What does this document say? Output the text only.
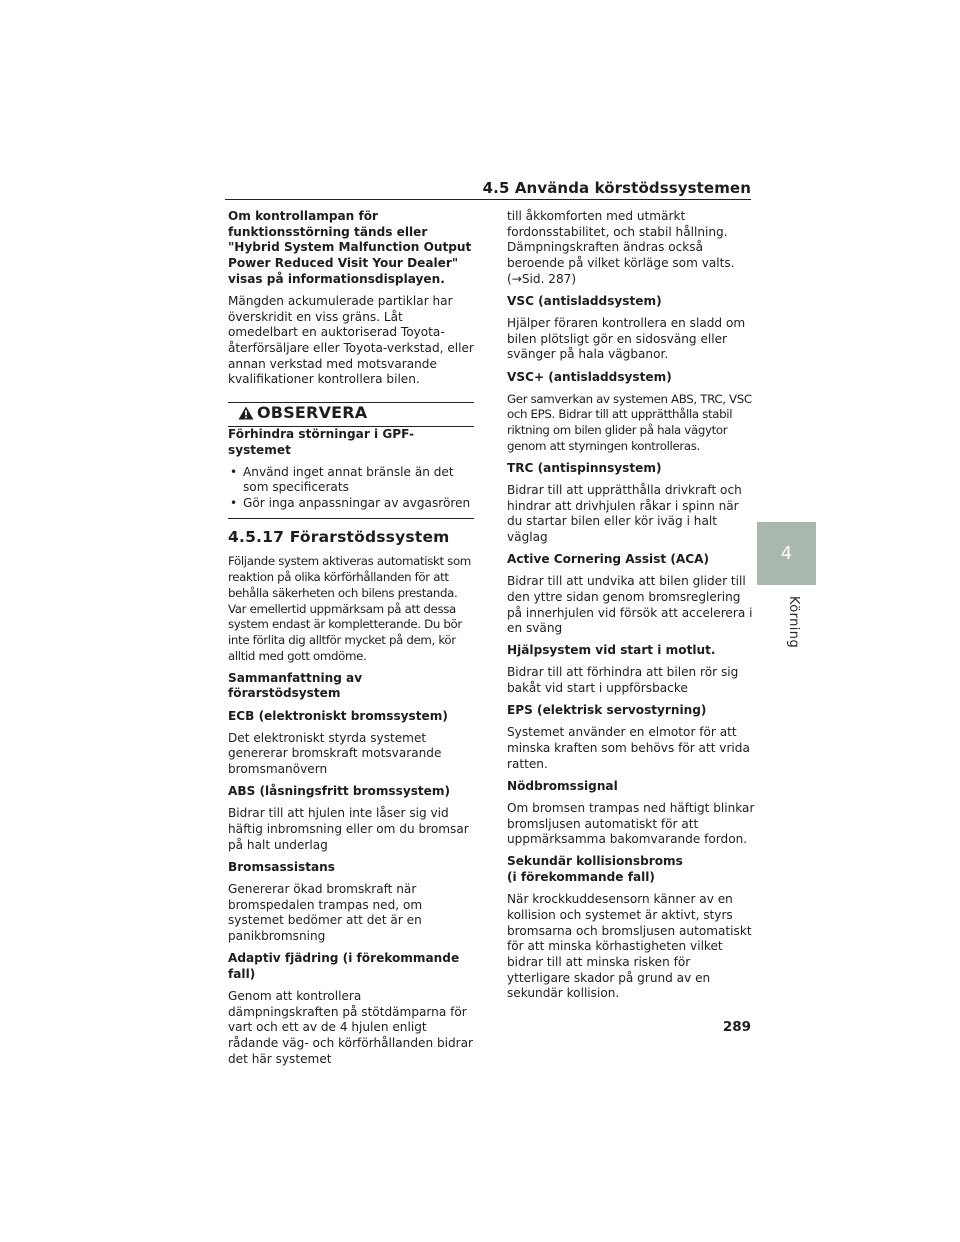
4.5 Använda körstödssystemen

Om kontrollampan för funktionsstörning tänds eller "Hybrid System Malfunction Output Power Reduced Visit Your Dealer" visas på informationsdisplayen.

Mängden ackumulerade partiklar har överskridit en viss gräns. Låt omedelbart en auktoriserad Toyota-återförsäljare eller Toyota-verkstad, eller annan verkstad med motsvarande kvalifikationer kontrollera bilen.

OBSERVERA

Förhindra störningar i GPF-systemet

• Använd inget annat bränsle än det som specificerats
• Gör inga anpassningar av avgasrören
4.5.17 Förarstödssystem

Följande system aktiveras automatiskt som reaktion på olika körförhållanden för att behålla säkerheten och bilens prestanda. Var emellertid uppmärksam på att dessa system endast är kompletterande. Du bör inte förlita dig alltför mycket på dem, kör alltid med gott omdöme.

Sammanfattning av förarstödsystem

ECB (elektroniskt bromssystem)

Det elektroniskt styrda systemet genererar bromskraft motsvarande bromsmanövern

ABS (låsningsfritt bromssystem)

Bidrar till att hjulen inte låser sig vid häftig inbromsning eller om du bromsar på halt underlag

Bromsassistans

Genererar ökad bromskraft när bromspedalen trampas ned, om systemet bedömer att det är en panikbromsning

Adaptiv fjädring (i förekommande fall)

Genom att kontrollera dämpningskraften på stötdämparna för vart och ett av de 4 hjulen enligt rådande väg- och körförhållanden bidrar det här systemet

till åkkomforten med utmärkt fordonsstabilitet, och stabil hållning. Dämpningskraften ändras också beroende på vilket körläge som valts. (→Sid. 287)

VSC (antisladdsystem)

Hjälper föraren kontrollera en sladd om bilen plötsligt gör en sidosväng eller svänger på hala vägbanor.

VSC+ (antisladdsystem)

Ger samverkan av systemen ABS, TRC, VSC och EPS. Bidrar till att upprätthålla stabil riktning om bilen glider på hala vägytor genom att styrningen kontrolleras.

TRC (antispinnsystem)

Bidrar till att upprätthålla drivkraft och hindrar att drivhjulen råkar i spinn när du startar bilen eller kör iväg i halt väglag

Active Cornering Assist (ACA)

Bidrar till att undvika att bilen glider till den yttre sidan genom bromsreglering på innerhjulen vid försök att accelerera i en sväng

Hjälpsystem vid start i motlut.

Bidrar till att förhindra att bilen rör sig bakåt vid start i uppförsbacke

EPS (elektrisk servostyrning)

Systemet använder en elmotor för att minska kraften som behövs för att vrida ratten.

Nödbromssignal

Om bromsen trampas ned häftigt blinkar bromsljusen automatiskt för att uppmärksamma bakomvarande fordon.

Sekundär kollisionsbroms

(i förekommande fall)

När krockkuddesensorn känner av en kollision och systemet är aktivt, styrs bromsarna och bromsljusen automatiskt för att minska körhastigheten vilket bidrar till att minska risken för ytterligare skador på grund av en sekundär kollision.

4
Körning
289
